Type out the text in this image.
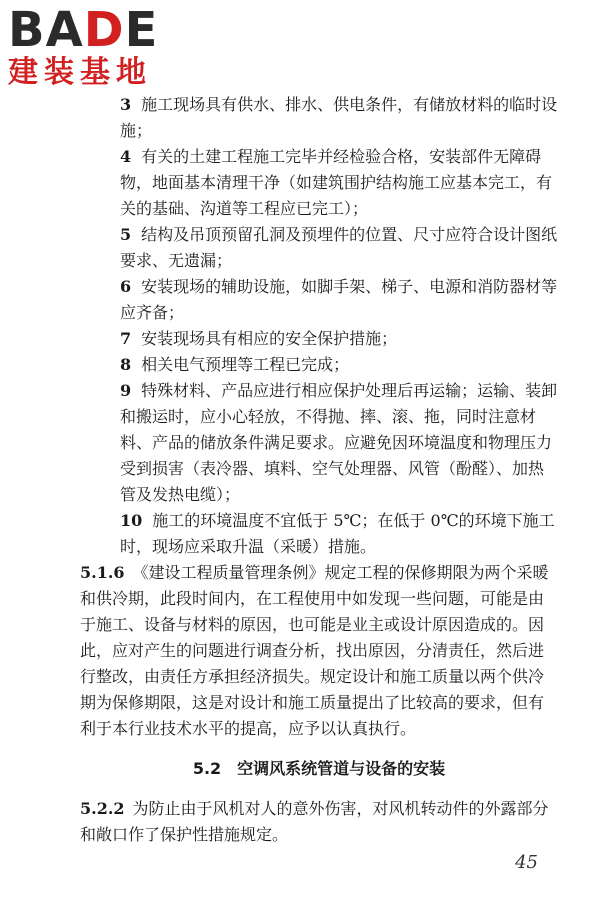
BADE
建装基地
3 施工现场具有供水、排水、供电条件，有储放材料的临时设施；
4 有关的土建工程施工完毕并经检验合格，安装部件无障碍物，地面基本清理干净（如建筑围护结构施工应基本完工，有关的基础、沟道等工程应已完工）；
5 结构及吊顶预留孔洞及预埋件的位置、尺寸应符合设计图纸要求、无遗漏；
6 安装现场的辅助设施，如脚手架、梯子、电源和消防器材等应齐备；
7 安装现场具有相应的安全保护措施；
8 相关电气预埋等工程已完成；
9 特殊材料、产品应进行相应保护处理后再运输；运输、装卸和搬运时，应小心轻放，不得抛、摔、滚、拖，同时注意材料、产品的储放条件满足要求。应避免因环境温度和物理压力受到损害（表冷器、填料、空气处理器、风管（酚醛）、加热管及发热电缆）；
10 施工的环境温度不宜低于 5℃；在低于 0℃的环境下施工时，现场应采取升温（采暖）措施。
5.1.6 《建设工程质量管理条例》规定工程的保修期限为两个采暖和供冷期，此段时间内，在工程使用中如发现一些问题，可能是由于施工、设备与材料的原因，也可能是业主或设计原因造成的。因此，应对产生的问题进行调查分析，找出原因，分清责任，然后进行整改，由责任方承担经济损失。规定设计和施工质量以两个供冷期为保修期限，这是对设计和施工质量提出了比较高的要求，但有利于本行业技术水平的提高，应予以认真执行。
5.2　空调风系统管道与设备的安装
5.2.2 为防止由于风机对人的意外伤害，对风机转动件的外露部分和敞口作了保护性措施规定。
45
